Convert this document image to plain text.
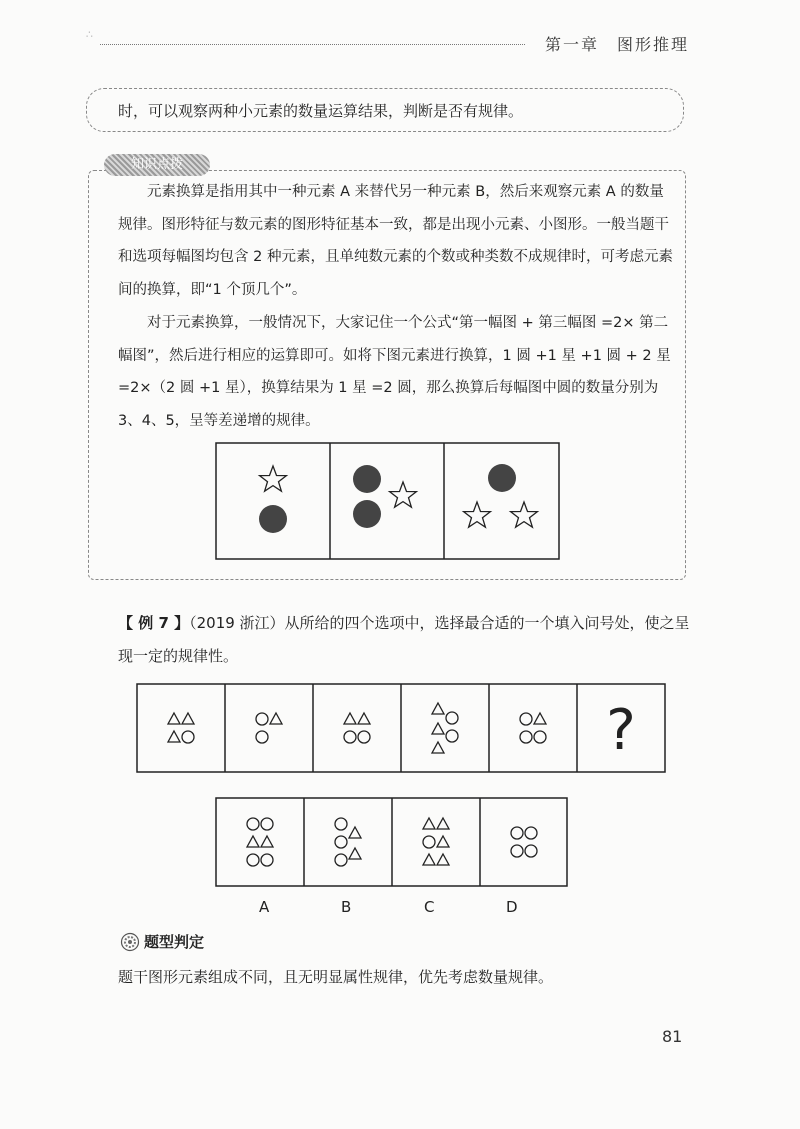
∴
第一章　图形推理
时，可以观察两种小元素的数量运算结果，判断是否有规律。
知识点拨
元素换算是指用其中一种元素 A 来替代另一种元素 B，然后来观察元素 A 的数量规律。图形特征与数元素的图形特征基本一致，都是出现小元素、小图形。一般当题干和选项每幅图均包含 2 种元素，且单纯数元素的个数或种类数不成规律时，可考虑元素间的换算，即“1 个顶几个”。
对于元素换算，一般情况下，大家记住一个公式“第一幅图 + 第三幅图 =2× 第二幅图”，然后进行相应的运算即可。如将下图元素进行换算，1 圆 +1 星 +1 圆 + 2 星 =2×（2 圆 +1 星），换算结果为 1 星 =2 圆，那么换算后每幅图中圆的数量分别为 3、4、5，呈等差递增的规律。
【 例 7 】（2019 浙江）从所给的四个选项中，选择最合适的一个填入问号处，使之呈现一定的规律性。
?
A	B	C	D
题型判定
题干图形元素组成不同，且无明显属性规律，优先考虑数量规律。
81
